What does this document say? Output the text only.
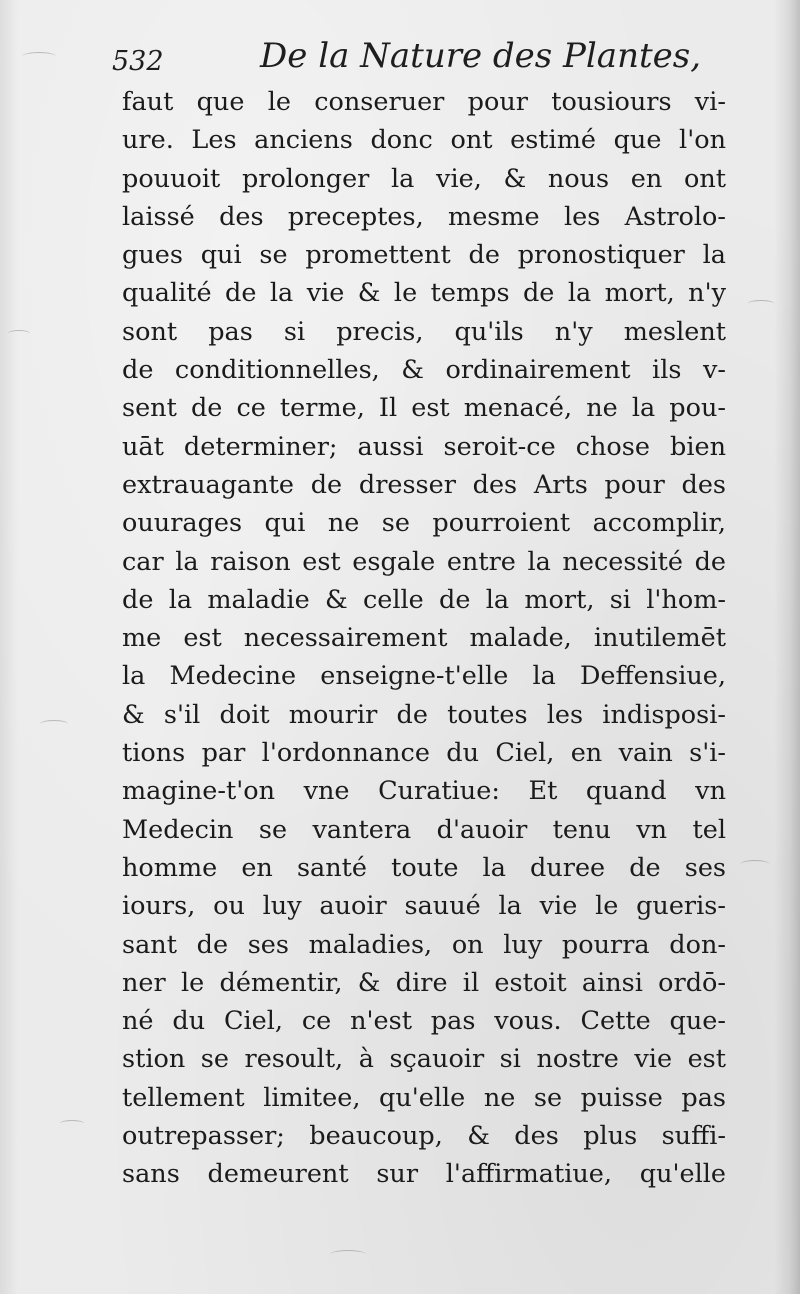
532	De la Nature des Plantes,
faut que le conseruer pour tousiours vi-
ure. Les anciens donc ont estimé que l'on
pouuoit prolonger la vie, & nous en ont
laissé des preceptes, mesme les Astrolo-
gues qui se promettent de pronostiquer la
qualité de la vie & le temps de la mort, n'y
sont pas si precis, qu'ils n'y meslent
de conditionnelles, & ordinairement ils v-
sent de ce terme, Il est menacé, ne la pou-
uāt determiner; aussi seroit-ce chose bien
extrauagante de dresser des Arts pour des
ouurages qui ne se pourroient accomplir,
car la raison est esgale entre la necessité de
de la maladie & celle de la mort, si l'hom-
me est necessairement malade, inutilemēt
la Medecine enseigne-t'elle la Deffensiue,
& s'il doit mourir de toutes les indisposi-
tions par l'ordonnance du Ciel, en vain s'i-
magine-t'on vne Curatiue: Et quand vn
Medecin se vantera d'auoir tenu vn tel
homme en santé toute la duree de ses
iours, ou luy auoir sauué la vie le gueris-
sant de ses maladies, on luy pourra don-
ner le démentir, & dire il estoit ainsi ordō-
né du Ciel, ce n'est pas vous. Cette que-
stion se resoult, à sçauoir si nostre vie est
tellement limitee, qu'elle ne se puisse pas
outrepasser; beaucoup, & des plus suffi-
sans demeurent sur l'affirmatiue, qu'elle
